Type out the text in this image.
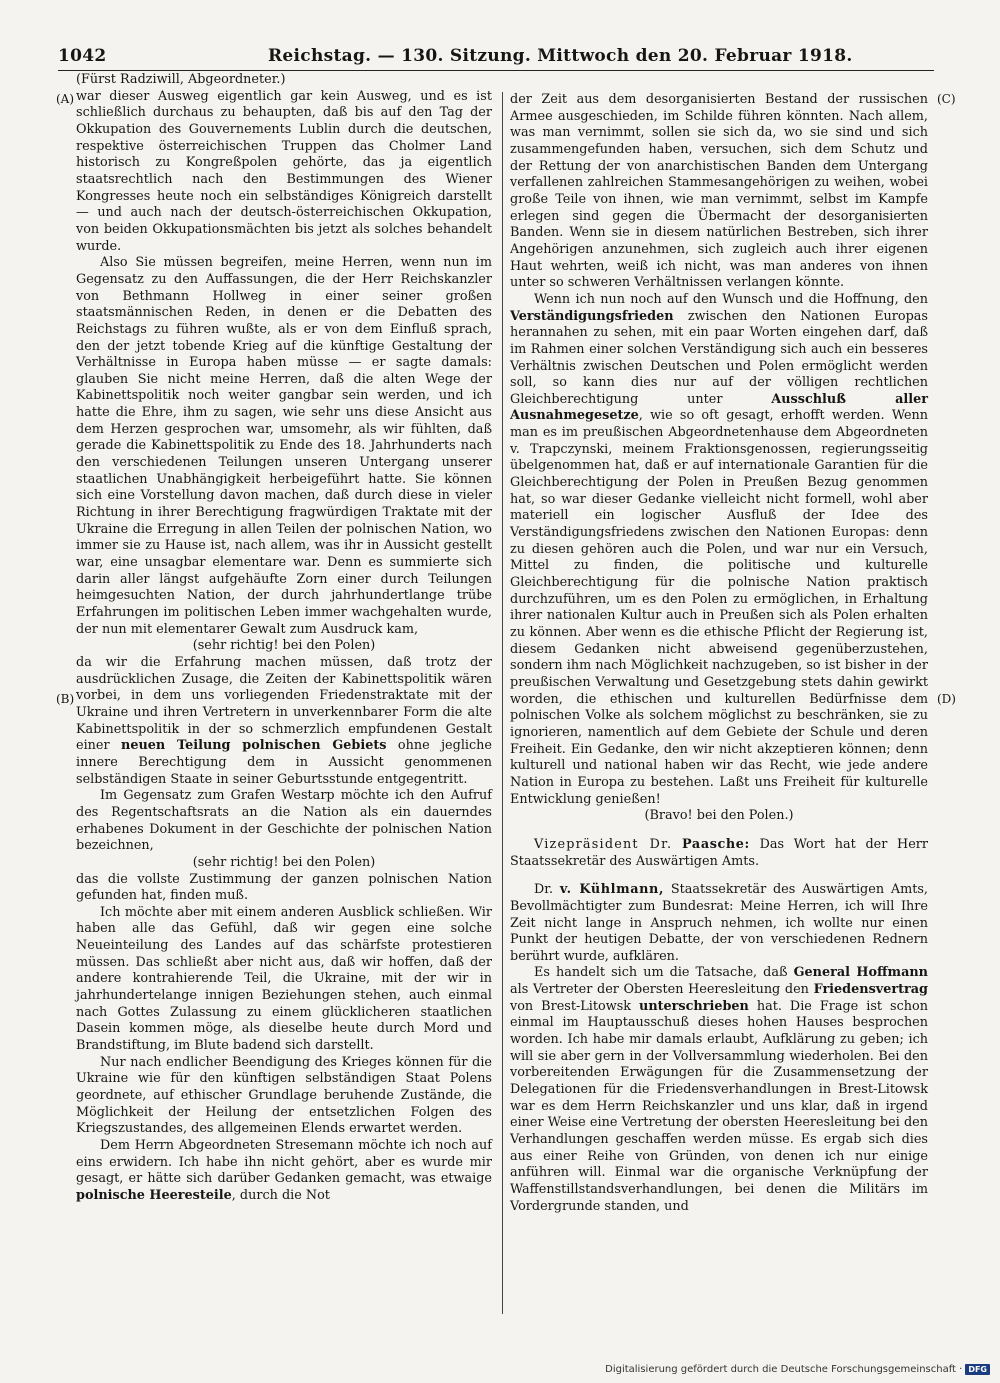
1042	Reichstag. — 130. Sitzung. Mittwoch den 20. Februar 1918.
(A)
(B)
(C)
(D)

(Fürst Radziwill, Abgeordneter.)

war dieser Ausweg eigentlich gar kein Ausweg, und es ist schließlich durchaus zu behaupten, daß bis auf den Tag der Okkupation des Gouvernements Lublin durch die deutschen, respektive österreichischen Truppen das Cholmer Land historisch zu Kongreßpolen gehörte, das ja eigentlich staatsrechtlich nach den Bestimmungen des Wiener Kongresses heute noch ein selbständiges Königreich darstellt — und auch nach der deutsch-österreichischen Okkupation, von beiden Okkupationsmächten bis jetzt als solches behandelt wurde.

Also Sie müssen begreifen, meine Herren, wenn nun im Gegensatz zu den Auffassungen, die der Herr Reichskanzler von Bethmann Hollweg in einer seiner großen staatsmännischen Reden, in denen er die Debatten des Reichstags zu führen wußte, als er von dem Einfluß sprach, den der jetzt tobende Krieg auf die künftige Gestaltung der Verhältnisse in Europa haben müsse — er sagte damals: glauben Sie nicht meine Herren, daß die alten Wege der Kabinettspolitik noch weiter gangbar sein werden, und ich hatte die Ehre, ihm zu sagen, wie sehr uns diese Ansicht aus dem Herzen gesprochen war, umsomehr, als wir fühlten, daß gerade die Kabinettspolitik zu Ende des 18. Jahrhunderts nach den verschiedenen Teilungen unseren Untergang unserer staatlichen Unabhängigkeit herbeigeführt hatte. Sie können sich eine Vorstellung davon machen, daß durch diese in vieler Richtung in ihrer Berechtigung fragwürdigen Traktate mit der Ukraine die Erregung in allen Teilen der polnischen Nation, wo immer sie zu Hause ist, nach allem, was ihr in Aussicht gestellt war, eine unsagbar elementare war. Denn es summierte sich darin aller längst aufgehäufte Zorn einer durch Teilungen heimgesuchten Nation, der durch jahrhundertlange trübe Erfahrungen im politischen Leben immer wachgehalten wurde, der nun mit elementarer Gewalt zum Ausdruck kam,

(sehr richtig! bei den Polen)

da wir die Erfahrung machen müssen, daß trotz der ausdrücklichen Zusage, die Zeiten der Kabinettspolitik wären vorbei, in dem uns vorliegenden Friedenstraktate mit der Ukraine und ihren Vertretern in unverkennbarer Form die alte Kabinettspolitik in der so schmerzlich empfundenen Gestalt einer neuen Teilung polnischen Gebiets ohne jegliche innere Berechtigung dem in Aussicht genommenen selbständigen Staate in seiner Geburtsstunde entgegentritt.

Im Gegensatz zum Grafen Westarp möchte ich den Aufruf des Regentschaftsrats an die Nation als ein dauerndes erhabenes Dokument in der Geschichte der polnischen Nation bezeichnen,

(sehr richtig! bei den Polen)

das die vollste Zustimmung der ganzen polnischen Nation gefunden hat, finden muß.

Ich möchte aber mit einem anderen Ausblick schließen. Wir haben alle das Gefühl, daß wir gegen eine solche Neueinteilung des Landes auf das schärfste protestieren müssen. Das schließt aber nicht aus, daß wir hoffen, daß der andere kontrahierende Teil, die Ukraine, mit der wir in jahrhundertelange innigen Beziehungen stehen, auch einmal nach Gottes Zulassung zu einem glücklicheren staatlichen Dasein kommen möge, als dieselbe heute durch Mord und Brandstiftung, im Blute badend sich darstellt.

Nur nach endlicher Beendigung des Krieges können für die Ukraine wie für den künftigen selbständigen Staat Polens geordnete, auf ethischer Grundlage beruhende Zustände, die Möglichkeit der Heilung der entsetzlichen Folgen des Kriegszustandes, des allgemeinen Elends erwartet werden.

Dem Herrn Abgeordneten Stresemann möchte ich noch auf eins erwidern. Ich habe ihn nicht gehört, aber es wurde mir gesagt, er hätte sich darüber Gedanken gemacht, was etwaige polnische Heeresteile, durch die Not

der Zeit aus dem desorganisierten Bestand der russischen Armee ausgeschieden, im Schilde führen könnten. Nach allem, was man vernimmt, sollen sie sich da, wo sie sind und sich zusammengefunden haben, versuchen, sich dem Schutz und der Rettung der von anarchistischen Banden dem Untergang verfallenen zahlreichen Stammesangehörigen zu weihen, wobei große Teile von ihnen, wie man vernimmt, selbst im Kampfe erlegen sind gegen die Übermacht der desorganisierten Banden. Wenn sie in diesem natürlichen Bestreben, sich ihrer Angehörigen anzunehmen, sich zugleich auch ihrer eigenen Haut wehrten, weiß ich nicht, was man anderes von ihnen unter so schweren Verhältnissen verlangen könnte.

Wenn ich nun noch auf den Wunsch und die Hoffnung, den Verständigungsfrieden zwischen den Nationen Europas herannahen zu sehen, mit ein paar Worten eingehen darf, daß im Rahmen einer solchen Verständigung sich auch ein besseres Verhältnis zwischen Deutschen und Polen ermöglicht werden soll, so kann dies nur auf der völligen rechtlichen Gleichberechtigung unter	Ausschluß aller Ausnahmegesetze, wie so oft gesagt, erhofft werden. Wenn man es im preußischen Abgeordnetenhause dem Abgeordneten v. Trapczynski, meinem Fraktionsgenossen, regierungsseitig übelgenommen hat, daß er auf internationale Garantien für die Gleichberechtigung der Polen in Preußen Bezug genommen hat, so war dieser Gedanke vielleicht nicht formell, wohl aber materiell ein logischer Ausfluß der Idee des Verständigungsfriedens zwischen den Nationen Europas: denn zu diesen gehören auch die Polen, und war nur ein Versuch, Mittel zu finden, die politische und kulturelle Gleichberechtigung für die polnische Nation praktisch durchzuführen, um es den Polen zu ermöglichen, in Erhaltung ihrer nationalen Kultur auch in Preußen sich als Polen erhalten zu können. Aber wenn es die ethische Pflicht der Regierung ist, diesem Gedanken nicht abweisend gegenüberzustehen, sondern ihm nach Möglichkeit nachzugeben, so ist bisher in der preußischen Verwaltung und Gesetzgebung stets dahin gewirkt worden, die ethischen und kulturellen Bedürfnisse dem polnischen Volke als solchem möglichst zu beschränken, sie zu ignorieren, namentlich auf dem Gebiete der Schule und deren Freiheit. Ein Gedanke, den wir nicht akzeptieren können; denn kulturell und national haben wir das Recht, wie jede andere Nation in Europa zu bestehen. Laßt uns Freiheit für kulturelle Entwicklung genießen!

(Bravo! bei den Polen.)

Vizepräsident Dr. Paasche: Das Wort hat der Herr Staatssekretär des Auswärtigen Amts.

Dr. v. Kühlmann, Staatssekretär des Auswärtigen Amts, Bevollmächtigter zum Bundesrat: Meine Herren, ich will Ihre Zeit nicht lange in Anspruch nehmen, ich wollte nur einen Punkt der heutigen Debatte, der von verschiedenen Rednern berührt wurde, aufklären.

Es handelt sich um die Tatsache, daß General Hoffmann als Vertreter der Obersten Heeresleitung den Friedensvertrag von Brest-Litowsk unterschrieben hat. Die Frage ist schon einmal im Hauptausschuß dieses hohen Hauses besprochen worden. Ich habe mir damals erlaubt, Aufklärung zu geben; ich will sie aber gern in der Vollversammlung wiederholen. Bei den vorbereitenden Erwägungen für die Zusammensetzung der Delegationen für die Friedensverhandlungen in Brest-Litowsk war es dem Herrn Reichskanzler und uns klar, daß in irgend einer Weise eine Vertretung der obersten Heeresleitung bei den Verhandlungen geschaffen werden müsse. Es ergab sich dies aus einer Reihe von Gründen, von denen ich nur einige anführen will. Einmal war die organische Verknüpfung der Waffenstillstandsverhandlungen, bei denen die Militärs im Vordergrunde standen, und

Digitalisierung gefördert durch die Deutsche Forschungsgemeinschaft · DFG
